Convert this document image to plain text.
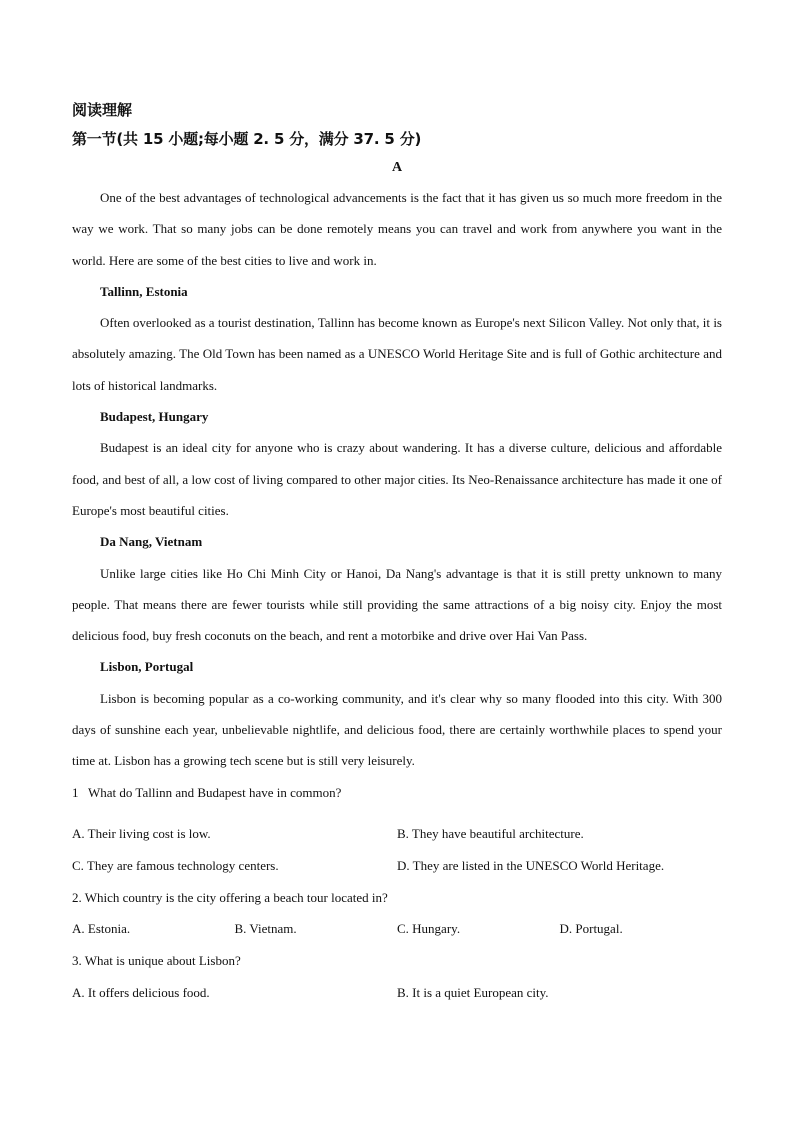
阅读理解
第一节(共 15 小题;每小题 2. 5 分，满分 37. 5 分)
A

One of the best advantages of technological advancements is the fact that it has given us so much more freedom in the way we work. That so many jobs can be done remotely means you can travel and work from anywhere you want in the world. Here are some of the best cities to live and work in.

Tallinn, Estonia

Often overlooked as a tourist destination, Tallinn has become known as Europe's next Silicon Valley. Not only that, it is absolutely amazing. The Old Town has been named as a UNESCO World Heritage Site and is full of Gothic architecture and lots of historical landmarks.

Budapest, Hungary

Budapest is an ideal city for anyone who is crazy about wandering. It has a diverse culture, delicious and affordable food, and best of all, a low cost of living compared to other major cities. Its Neo-Renaissance architecture has made it one of Europe's most beautiful cities.

Da Nang, Vietnam

Unlike large cities like Ho Chi Minh City or Hanoi, Da Nang's advantage is that it is still pretty unknown to many people. That means there are fewer tourists while still providing the same attractions of a big noisy city. Enjoy the most delicious food, buy fresh coconuts on the beach, and rent a motorbike and drive over Hai Van Pass.

Lisbon, Portugal

Lisbon is becoming popular as a co-working community, and it's clear why so many flooded into this city. With 300 days of sunshine each year, unbelievable nightlife, and delicious food, there are certainly worthwhile places to spend your time at. Lisbon has a growing tech scene but is still very leisurely.

1   What do Tallinn and Budapest have in common?

A. Their living cost is low.	B. They have beautiful architecture.
C. They are famous technology centers.	D. They are listed in the UNESCO World Heritage.

2. Which country is the city offering a beach tour located in?

A. Estonia.	B. Vietnam.	C. Hungary.	D. Portugal.

3. What is unique about Lisbon?

A. It offers delicious food.	B. It is a quiet European city.
